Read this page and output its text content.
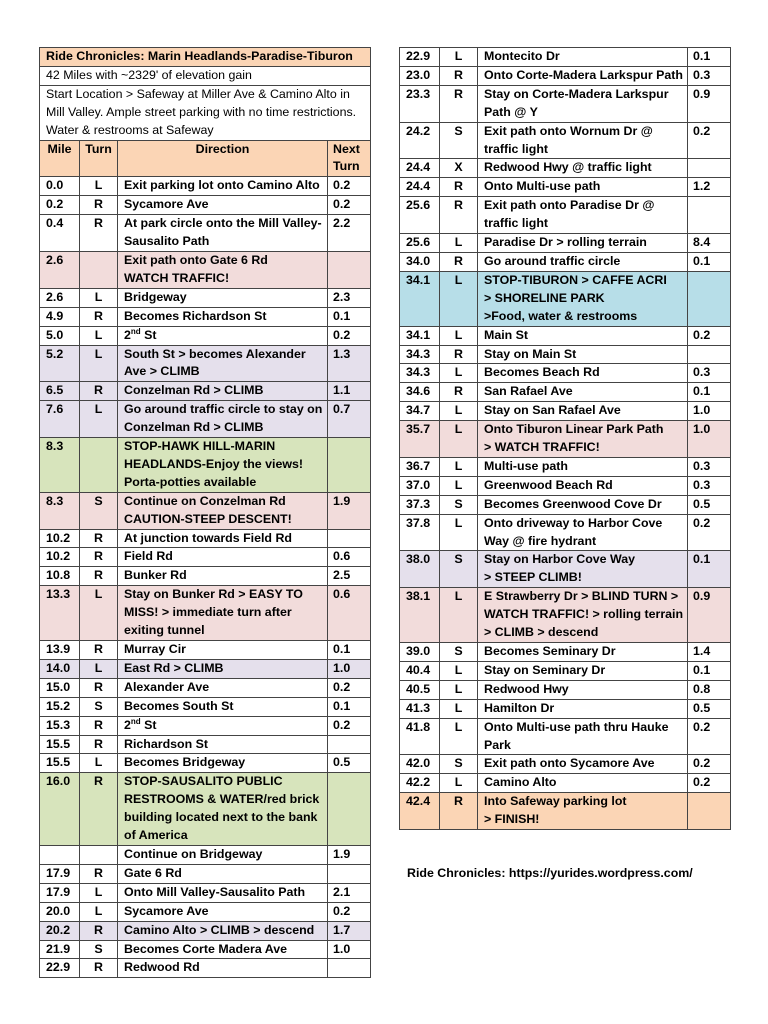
Ride Chronicles: Marin Headlands-Paradise-Tiburon			
42 Miles with ~2329' of elevation gain			
Start Location > Safeway at Miller Ave & Camino Alto in Mill Valley. Ample street parking with no time restrictions. Water & restrooms at Safeway			
Mile	Turn	Direction	Next Turn
0.0	L	Exit parking lot onto Camino Alto	0.2
0.2	R	Sycamore Ave	0.2
0.4	R	At park circle onto the Mill Valley-Sausalito Path	2.2
2.6		Exit path onto Gate 6 Rd
WATCH TRAFFIC!	
2.6	L	Bridgeway	2.3
4.9	R	Becomes Richardson St	0.1
5.0	L	2nd St	0.2
5.2	L	South St > becomes Alexander Ave > CLIMB	1.3
6.5	R	Conzelman Rd > CLIMB	1.1
7.6	L	Go around traffic circle to stay on Conzelman Rd > CLIMB	0.7
8.3		STOP-HAWK HILL-MARIN HEADLANDS-Enjoy the views! Porta-potties available	
8.3	S	Continue on Conzelman Rd
CAUTION-STEEP DESCENT!	1.9
10.2	R	At junction towards Field Rd	
10.2	R	Field Rd	0.6
10.8	R	Bunker Rd	2.5
13.3	L	Stay on Bunker Rd > EASY TO MISS! > immediate turn after exiting tunnel	0.6
13.9	R	Murray Cir	0.1
14.0	L	East Rd > CLIMB	1.0
15.0	R	Alexander Ave	0.2
15.2	S	Becomes South St	0.1
15.3	R	2nd St	0.2
15.5	R	Richardson St	
15.5	L	Becomes Bridgeway	0.5
16.0	R	STOP-SAUSALITO PUBLIC RESTROOMS & WATER/red brick building located next to the bank of America	
		Continue on Bridgeway	1.9
17.9	R	Gate 6 Rd	
17.9	L	Onto Mill Valley-Sausalito Path	2.1
20.0	L	Sycamore Ave	0.2
20.2	R	Camino Alto > CLIMB > descend	1.7
21.9	S	Becomes Corte Madera Ave	1.0
22.9	R	Redwood Rd	
22.9	L	Montecito Dr	0.1
23.0	R	Onto Corte-Madera Larkspur Path	0.3
23.3	R	Stay on Corte-Madera Larkspur Path @ Y	0.9
24.2	S	Exit path onto Wornum Dr @ traffic light	0.2
24.4	X	Redwood Hwy @ traffic light	
24.4	R	Onto Multi-use path	1.2
25.6	R	Exit path onto Paradise Dr @ traffic light	
25.6	L	Paradise Dr > rolling terrain	8.4
34.0	R	Go around traffic circle	0.1
34.1	L	STOP-TIBURON > CAFFE ACRI
> SHORELINE PARK
>Food, water & restrooms	
34.1	L	Main St	0.2
34.3	R	Stay on Main St	
34.3	L	Becomes Beach Rd	0.3
34.6	R	San Rafael Ave	0.1
34.7	L	Stay on San Rafael Ave	1.0
35.7	L	Onto Tiburon Linear Park Path
> WATCH TRAFFIC!	1.0
36.7	L	Multi-use path	0.3
37.0	L	Greenwood Beach Rd	0.3
37.3	S	Becomes Greenwood Cove Dr	0.5
37.8	L	Onto driveway to Harbor Cove Way @ fire hydrant	0.2
38.0	S	Stay on Harbor Cove Way
> STEEP CLIMB!	0.1
38.1	L	E Strawberry Dr > BLIND TURN > WATCH TRAFFIC! > rolling terrain > CLIMB > descend	0.9
39.0	S	Becomes Seminary Dr	1.4
40.4	L	Stay on Seminary Dr	0.1
40.5	L	Redwood Hwy	0.8
41.3	L	Hamilton Dr	0.5
41.8	L	Onto Multi-use path thru Hauke Park	0.2
42.0	S	Exit path onto Sycamore Ave	0.2
42.2	L	Camino Alto	0.2
42.4	R	Into Safeway parking lot
> FINISH!	
Ride Chronicles: https://yurides.wordpress.com/
